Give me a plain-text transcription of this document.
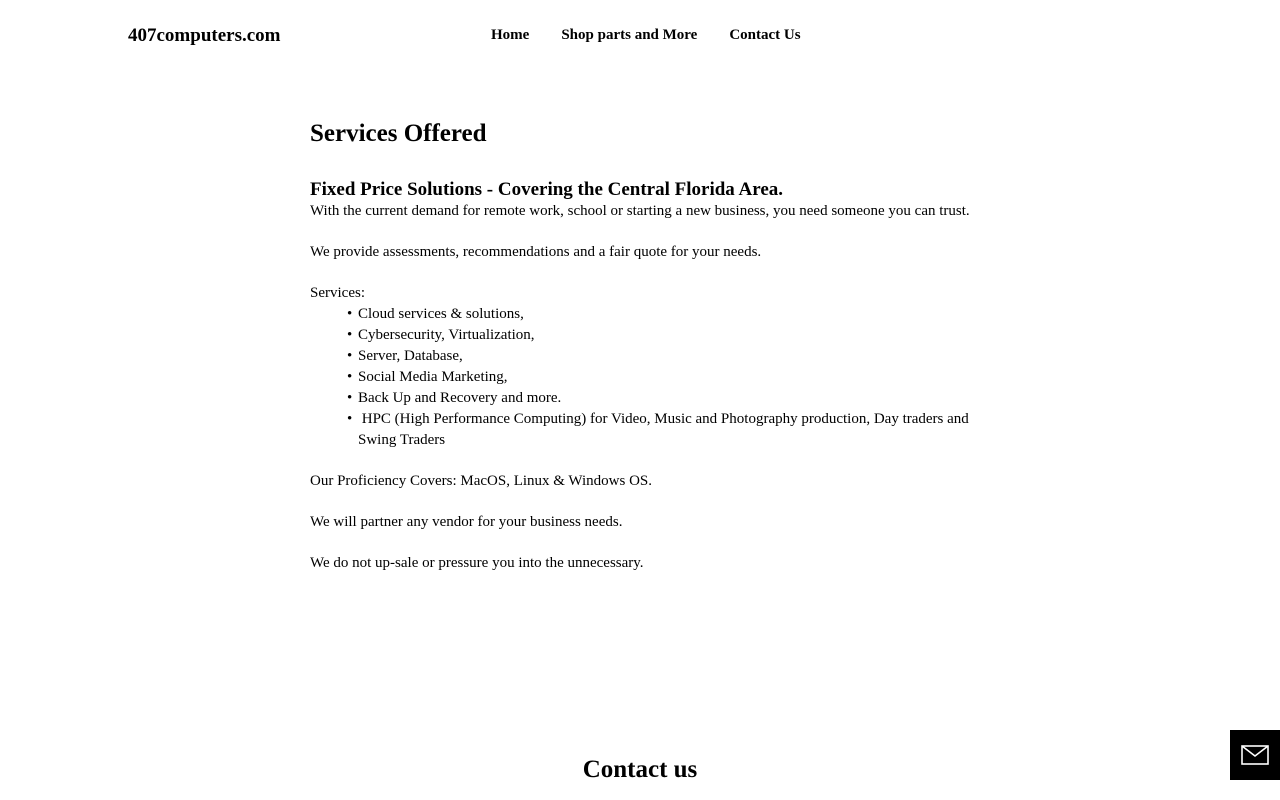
407computers.com	Home Shop parts and More Contact Us
Services Offered
Fixed Price Solutions - Covering the Central Florida Area.

With the current demand for remote work, school or starting a new business, you need someone you can trust.

We provide assessments, recommendations and a fair quote for your needs.

Services:

• Cloud services & solutions,
• Cybersecurity, Virtualization,
• Server, Database,
• Social Media Marketing,
• Back Up and Recovery and more.
• HPC (High Performance Computing) for Video, Music and Photography production, Day traders and Swing Traders

Our Proficiency Covers: MacOS, Linux & Windows OS.

We will partner any vendor for your business needs.

We do not up-sale or pressure you into the unnecessary.

Contact us
